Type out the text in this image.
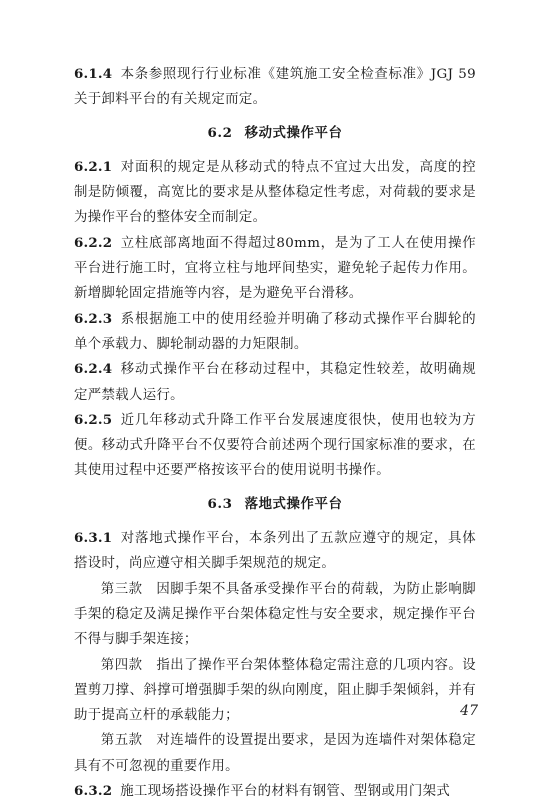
6.1.4 本条参照现行行业标准《建筑施工安全检查标准》JGJ 59关于卸料平台的有关规定而定。

6.2 移动式操作平台

6.2.1 对面积的规定是从移动式的特点不宜过大出发，高度的控制是防倾覆，高宽比的要求是从整体稳定性考虑，对荷载的要求是为操作平台的整体安全而制定。

6.2.2 立柱底部离地面不得超过80mm，是为了工人在使用操作平台进行施工时，宜将立柱与地坪间垫实，避免轮子起传力作用。新增脚轮固定措施等内容，是为避免平台滑移。

6.2.3 系根据施工中的使用经验并明确了移动式操作平台脚轮的单个承载力、脚轮制动器的力矩限制。

6.2.4 移动式操作平台在移动过程中，其稳定性较差，故明确规定严禁载人运行。

6.2.5 近几年移动式升降工作平台发展速度很快，使用也较为方便。移动式升降平台不仅要符合前述两个现行国家标准的要求，在其使用过程中还要严格按该平台的使用说明书操作。

6.3 落地式操作平台

6.3.1 对落地式操作平台，本条列出了五款应遵守的规定，具体搭设时，尚应遵守相关脚手架规范的规定。

第三款　因脚手架不具备承受操作平台的荷载，为防止影响脚手架的稳定及满足操作平台架体稳定性与安全要求，规定操作平台不得与脚手架连接；

第四款　指出了操作平台架体整体稳定需注意的几项内容。设置剪刀撑、斜撑可增强脚手架的纵向刚度，阻止脚手架倾斜，并有助于提高立杆的承载能力；

第五款　对连墙件的设置提出要求，是因为连墙件对架体稳定具有不可忽视的重要作用。

6.3.2 施工现场搭设操作平台的材料有钢管、型钢或用门架式

47
